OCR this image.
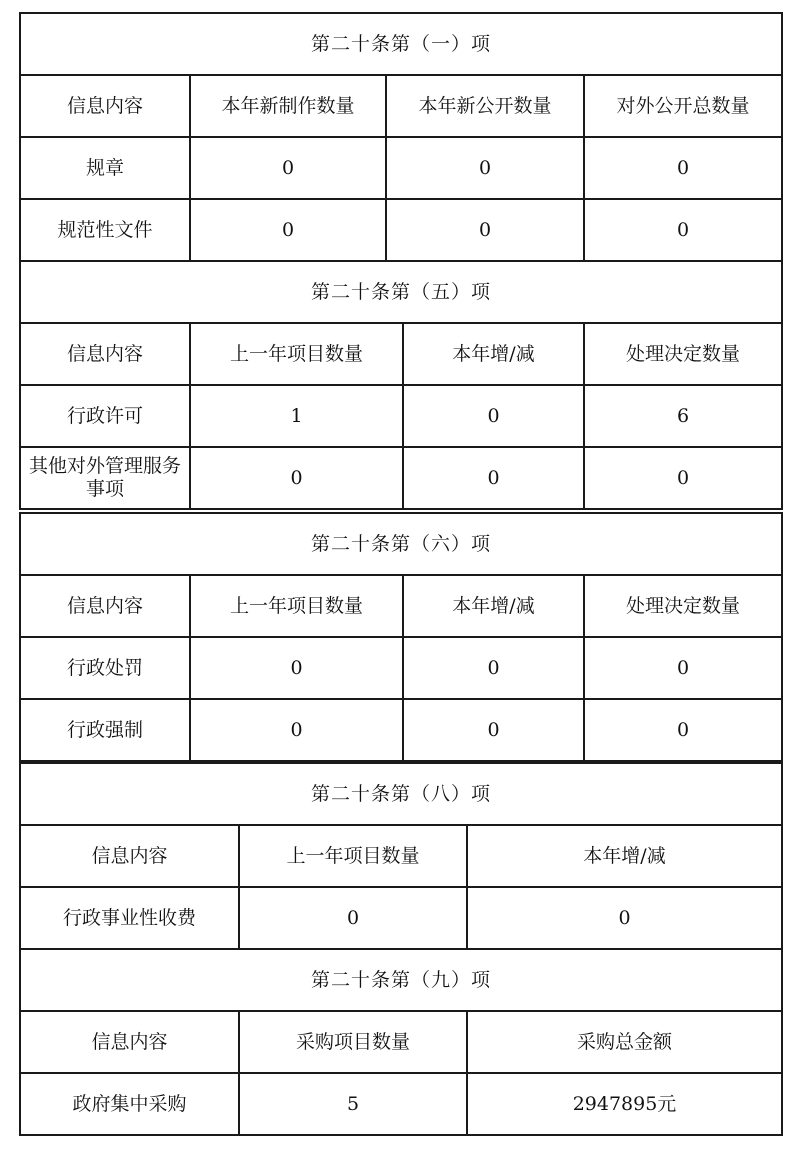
第二十条第（一）项			
信息内容	本年新制作数量	本年新公开数量	对外公开总数量
规章	0	0	0
规范性文件	0	0	0
第二十条第（五）项			
信息内容	上一年项目数量	本年增/减	处理决定数量
行政许可	1	0	6
其他对外管理服务事项	0	0	0
第二十条第（六）项			
信息内容	上一年项目数量	本年增/减	处理决定数量
行政处罚	0	0	0
行政强制	0	0	0
第二十条第（八）项		
信息内容	上一年项目数量	本年增/减
行政事业性收费	0	0
第二十条第（九）项		
信息内容	采购项目数量	采购总金额
政府集中采购	5	2947895元
